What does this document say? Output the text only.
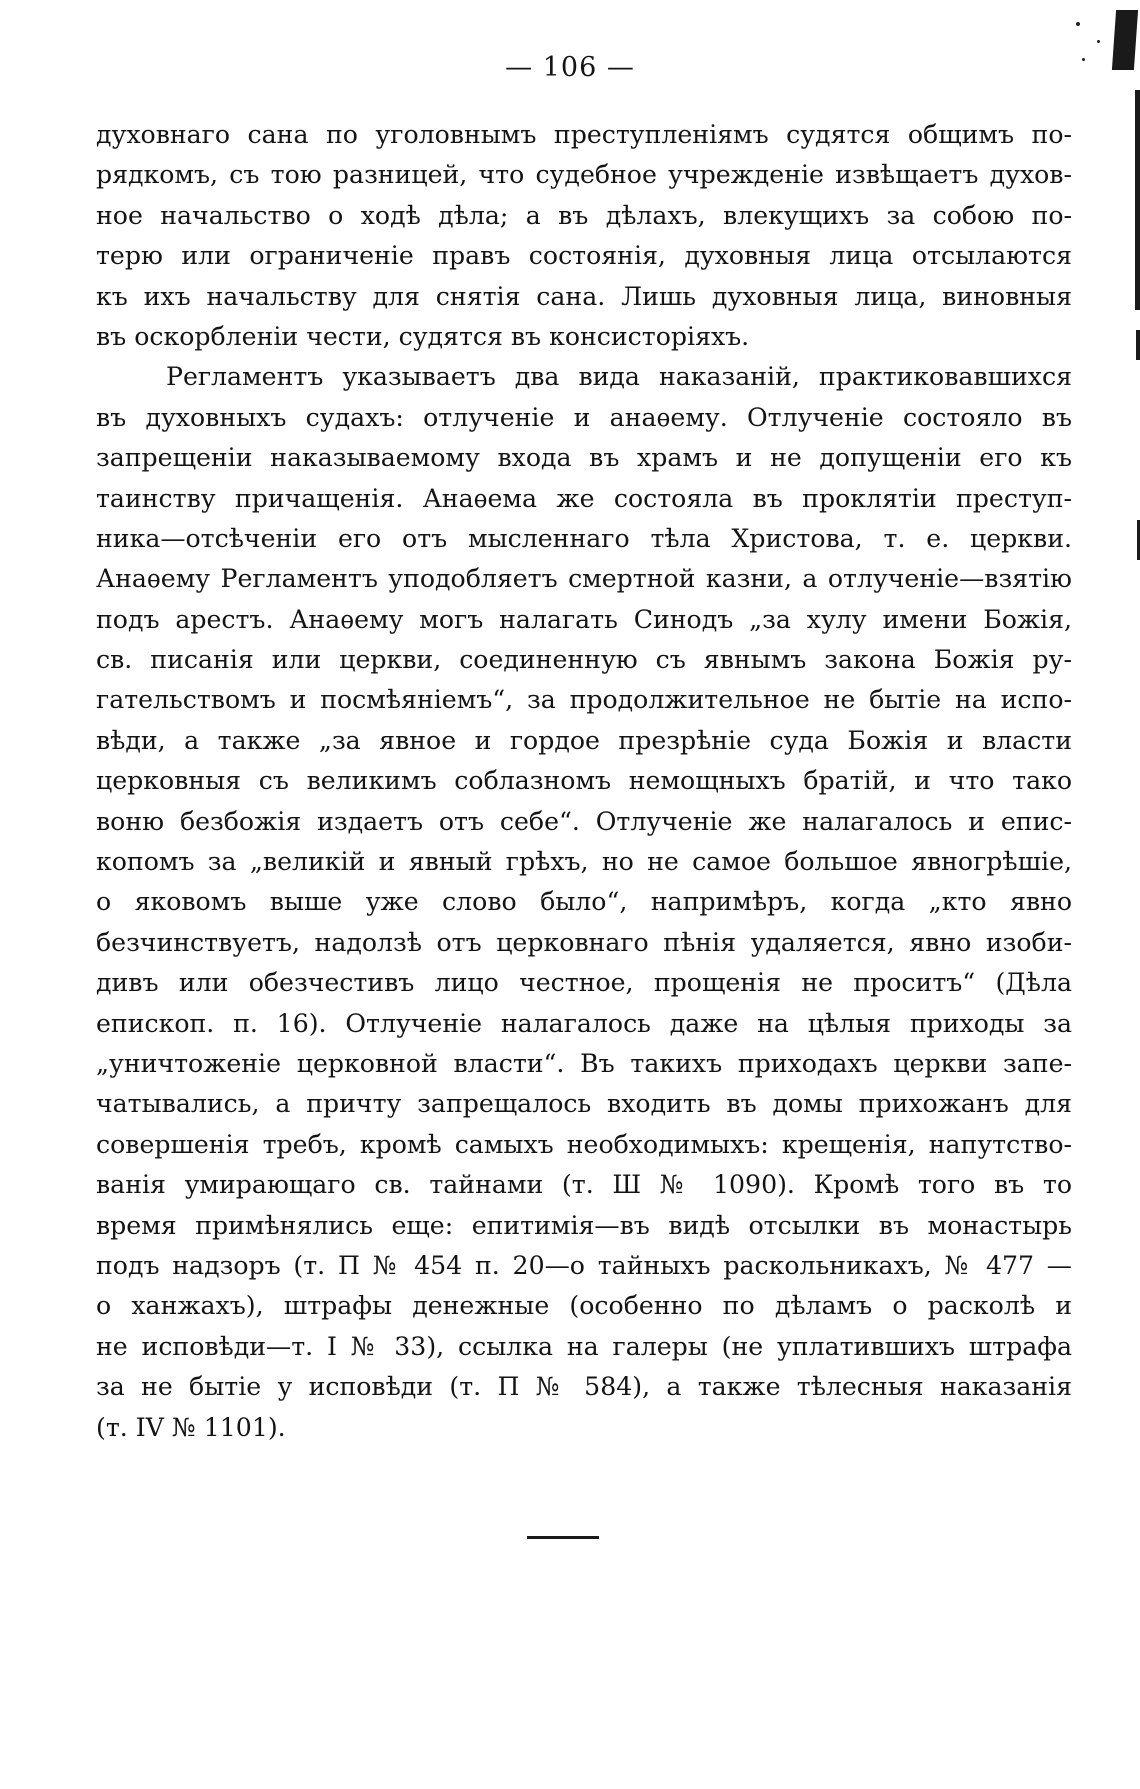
— 106 —
духовнаго сана по уголовнымъ преступленіямъ судятся общимъ по-
рядкомъ, съ тою разницей, что судебное учрежденіе извѣщаетъ духов-
ное начальство о ходѣ дѣла; а въ дѣлахъ, влекущихъ за собою по-
терю или ограниченіе правъ состоянія, духовныя лица отсылаются
къ ихъ начальству для снятія сана. Лишь духовныя лица, виновныя
въ оскорбленіи чести, судятся въ консисторіяхъ.
Регламентъ указываетъ два вида наказаній, практиковавшихся
въ духовныхъ судахъ: отлученіе и анаѳему. Отлученіе состояло въ
запрещеніи наказываемому входа въ храмъ и не допущеніи его къ
таинству причащенія. Анаѳема же состояла въ проклятіи преступ-
ника—отсѣченіи его отъ мысленнаго тѣла Христова, т. е. церкви.
Анаѳему Регламентъ уподобляетъ смертной казни, а отлученіе—взятію
подъ арестъ. Анаѳему могъ налагать Синодъ „за хулу имени Божія,
св. писанія или церкви, соединенную съ явнымъ закона Божія ру-
гательствомъ и посмѣяніемъ“, за продолжительное не бытіе на испо-
вѣди, а также „за явное и гордое презрѣніе суда Божія и власти
церковныя съ великимъ соблазномъ немощныхъ братій, и что тако
воню безбожія издаетъ отъ себе“. Отлученіе же налагалось и епис-
копомъ за „великій и явный грѣхъ, но не самое большое явногрѣшіе,
о яковомъ выше уже слово было“, напримѣръ, когда „кто явно
безчинствуетъ, надолзѣ отъ церковнаго пѣнія удаляется, явно изоби-
дивъ или обезчестивъ лицо честное, прощенія не проситъ“ (Дѣла
епископ. п. 16). Отлученіе налагалось даже на цѣлыя приходы за
„уничтоженіе церковной власти“. Въ такихъ приходахъ церкви запе-
чатывались, а причту запрещалось входить въ домы прихожанъ для
совершенія требъ, кромѣ самыхъ необходимыхъ: крещенія, напутство-
ванія умирающаго св. тайнами (т. Ш № 1090). Кромѣ того въ то
время примѣнялись еще: епитимія—въ видѣ отсылки въ монастырь
подъ надзоръ (т. П № 454 п. 20—о тайныхъ раскольникахъ, № 477 —
о ханжахъ), штрафы денежные (особенно по дѣламъ о расколѣ и
не исповѣди—т. I № 33), ссылка на галеры (не уплатившихъ штрафа
за не бытіе у исповѣди (т. П № 584), а также тѣлесныя наказанія
(т. IV № 1101).
